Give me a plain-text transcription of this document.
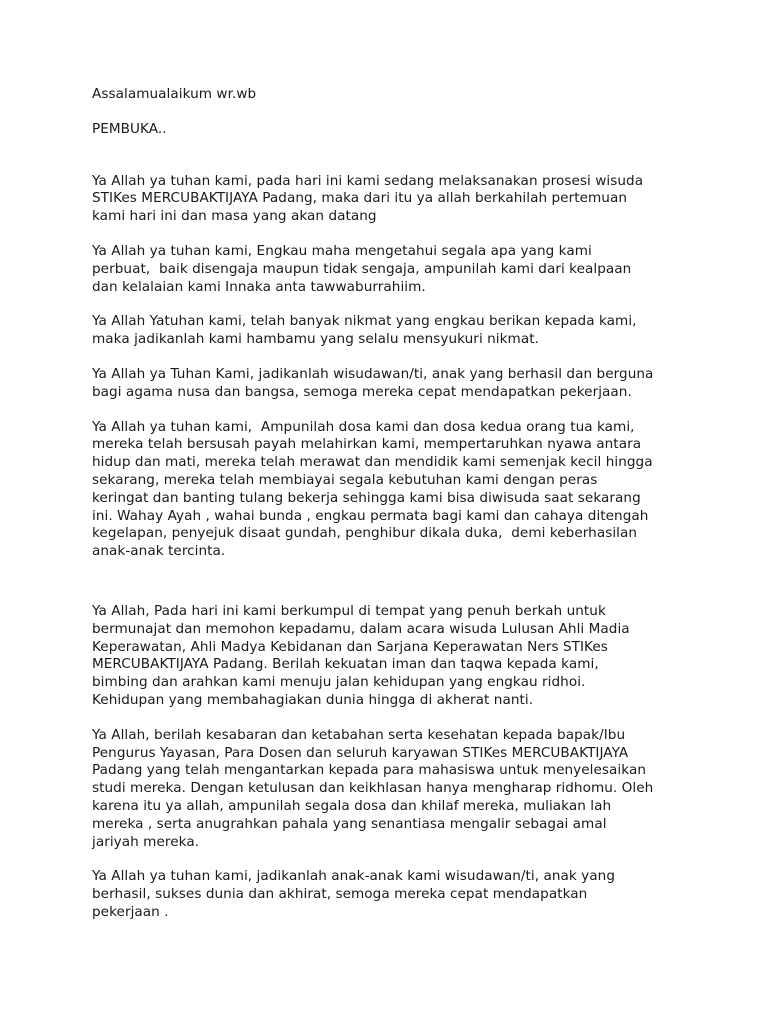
Assalamualaikum wr.wb

PEMBUKA..

Ya Allah ya tuhan kami, pada hari ini kami sedang melaksanakan prosesi wisuda
STIKes MERCUBAKTIJAYA Padang, maka dari itu ya allah berkahilah pertemuan
kami hari ini dan masa yang akan datang

Ya Allah ya tuhan kami, Engkau maha mengetahui segala apa yang kami
perbuat,  baik disengaja maupun tidak sengaja, ampunilah kami dari kealpaan
dan kelalaian kami Innaka anta tawwaburrahiim.

Ya Allah Yatuhan kami, telah banyak nikmat yang engkau berikan kepada kami,
maka jadikanlah kami hambamu yang selalu mensyukuri nikmat.

Ya Allah ya Tuhan Kami, jadikanlah wisudawan/ti, anak yang berhasil dan berguna
bagi agama nusa dan bangsa, semoga mereka cepat mendapatkan pekerjaan.

Ya Allah ya tuhan kami,  Ampunilah dosa kami dan dosa kedua orang tua kami,
mereka telah bersusah payah melahirkan kami, mempertaruhkan nyawa antara
hidup dan mati, mereka telah merawat dan mendidik kami semenjak kecil hingga
sekarang, mereka telah membiayai segala kebutuhan kami dengan peras
keringat dan banting tulang bekerja sehingga kami bisa diwisuda saat sekarang
ini. Wahay Ayah , wahai bunda , engkau permata bagi kami dan cahaya ditengah
kegelapan, penyejuk disaat gundah, penghibur dikala duka,  demi keberhasilan
anak-anak tercinta.

Ya Allah, Pada hari ini kami berkumpul di tempat yang penuh berkah untuk
bermunajat dan memohon kepadamu, dalam acara wisuda Lulusan Ahli Madia
Keperawatan, Ahli Madya Kebidanan dan Sarjana Keperawatan Ners STIKes
MERCUBAKTIJAYA Padang. Berilah kekuatan iman dan taqwa kepada kami,
bimbing dan arahkan kami menuju jalan kehidupan yang engkau ridhoi.
Kehidupan yang membahagiakan dunia hingga di akherat nanti.

Ya Allah, berilah kesabaran dan ketabahan serta kesehatan kepada bapak/Ibu
Pengurus Yayasan, Para Dosen dan seluruh karyawan STIKes MERCUBAKTIJAYA
Padang yang telah mengantarkan kepada para mahasiswa untuk menyelesaikan
studi mereka. Dengan ketulusan dan keikhlasan hanya mengharap ridhomu. Oleh
karena itu ya allah, ampunilah segala dosa dan khilaf mereka, muliakan lah
mereka , serta anugrahkan pahala yang senantiasa mengalir sebagai amal
jariyah mereka.

Ya Allah ya tuhan kami, jadikanlah anak-anak kami wisudawan/ti, anak yang
berhasil, sukses dunia dan akhirat, semoga mereka cepat mendapatkan
pekerjaan .
